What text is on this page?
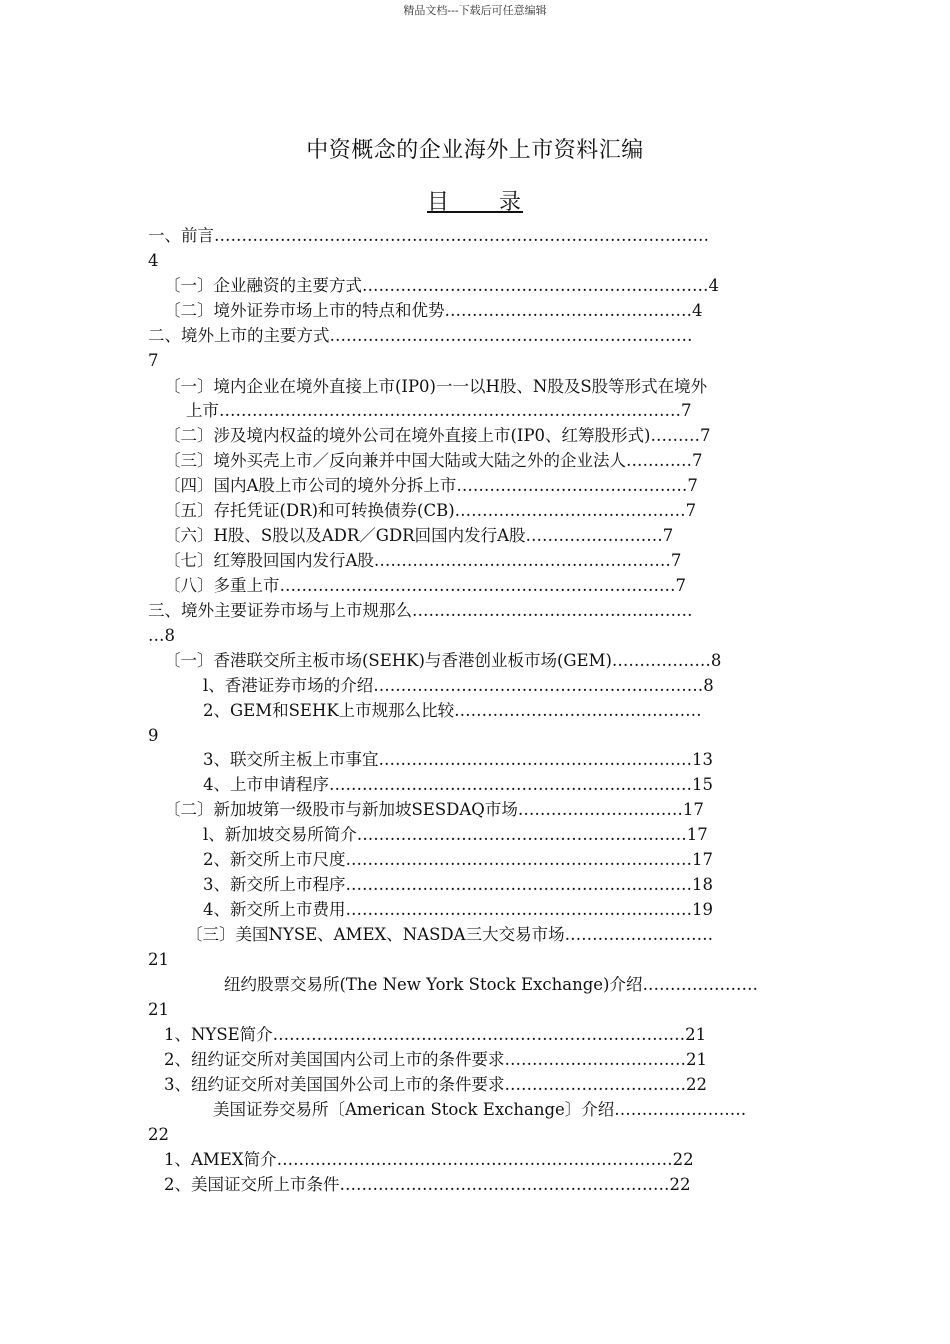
精品文档---下载后可任意编辑
中资概念的企业海外上市资料汇编
目　　录
一、前言………………………………………………………………………………
4
〔一〕企业融资的主要方式………………………………………………………4
〔二〕境外证券市场上市的特点和优势………………………………………4
二、境外上市的主要方式…………………………………………………………
7
〔一〕境内企业在境外直接上市(IP0)一一以H股、N股及S股等形式在境外
上市…………………………………………………………………………7
〔二〕涉及境内权益的境外公司在境外直接上市(IP0、红筹股形式)………7
〔三〕境外买壳上市／反向兼并中国大陆或大陆之外的企业法人…………7
〔四〕国内A股上市公司的境外分拆上市……………………………………7
〔五〕存托凭证(DR)和可转换债券(CB)……………………………………7
〔六〕H股、S股以及ADR／GDR回国内发行A股………….…………7
〔七〕红筹股回国内发行A股………………………………………………7
〔八〕多重上市………………………………………………………………7
三、境外主要证券市场与上市规那么……………………………………………
…8
〔一〕香港联交所主板市场(SEHK)与香港创业板市场(GEM)………………8
l、香港证券市场的介绍……………………………………………………8
2、GEM和SEHK上市规那么比较………………………………………
9
3、联交所主板上市事宜…………………………………………………13
4、上市申请程序…………………………………………………………15
〔二〕新加坡第一级股市与新加坡SESDAQ市场…………………………17
l、新加坡交易所简介……………………………………………………17
2、新交所上市尺度………………………………………………………17
3、新交所上市程序………………………………………………………18
4、新交所上市费用………………………………………………………19
〔三〕美国NYSE、AMEX、NASDA三大交易市场………………………
21
纽约股票交易所(The New York Stock Exchange)介绍…………………
21
1、NYSE简介…………………………………………………………………21
2、纽约证交所对美国国内公司上市的条件要求……………………………21
3、纽约证交所对美国国外公司上市的条件要求……………………………22
美国证券交易所〔American Stock Exchange〕介绍……………………
22
1、AMEX简介………………………………………………………………22
2、美国证交所上市条件……………………………………………………22
